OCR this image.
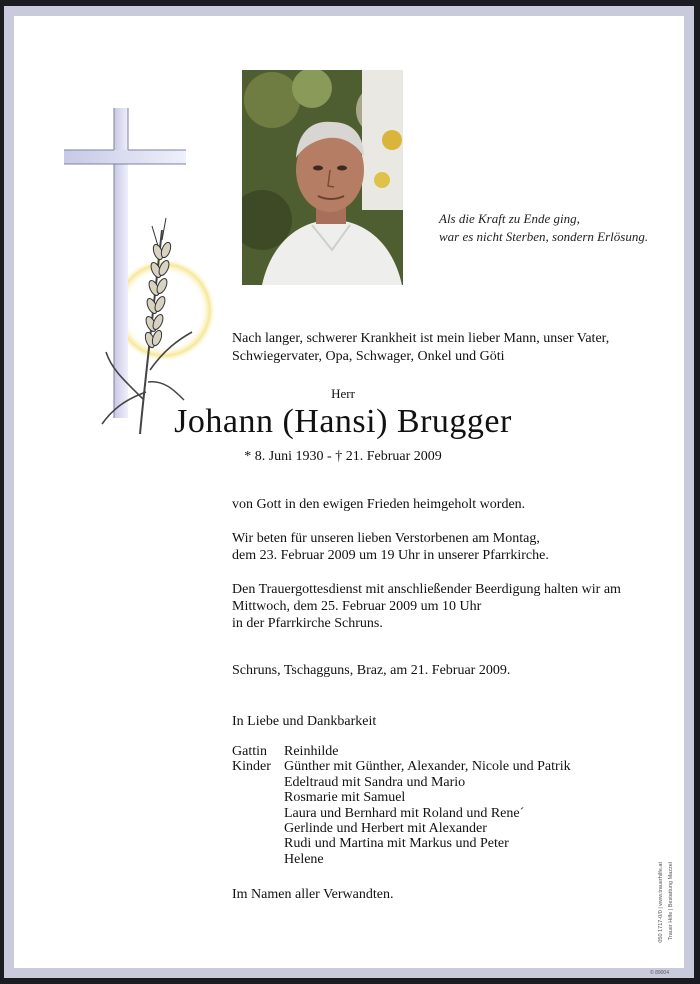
Als die Kraft zu Ende ging,
war es nicht Sterben, sondern Erlösung.
Nach langer, schwerer Krankheit ist mein lieber Mann, unser Vater,
Schwiegervater, Opa, Schwager, Onkel und Göti
Herr
Johann (Hansi) Brugger
* 8. Juni 1930 - † 21. Februar 2009
von Gott in den ewigen Frieden heimgeholt worden.
Wir beten für unseren lieben Verstorbenen am Montag,
dem 23. Februar 2009 um 19 Uhr in unserer Pfarrkirche.
Den Trauergottesdienst mit anschließender Beerdigung halten wir am
Mittwoch, dem 25. Februar 2009 um 10 Uhr
in der Pfarrkirche Schruns.
Schruns, Tschagguns, Braz, am 21. Februar 2009.
In Liebe und Dankbarkeit
Gattin	Reinhilde
Kinder Günther mit Günther, Alexander, Nicole und Patrik
Edeltraud mit Sandra und Mario
Rosmarie mit Samuel
Laura und Bernhard mit Roland und Rene´
Gerlinde und Herbert mit Alexander
Rudi und Martina mit Markus und Peter
Helene
Im Namen aller Verwandten.	Trauer Hilfe | Bestattung Mazzel
050 1717-0/0 | www.trauerhilfe.at
© 89004
